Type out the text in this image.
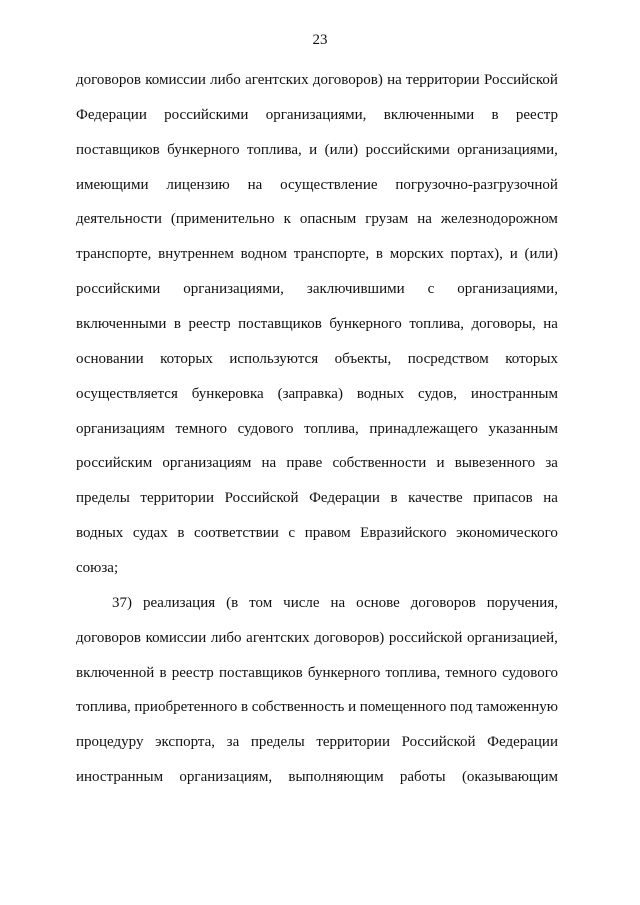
23
договоров комиссии либо агентских договоров) на территории Российской
Федерации российскими организациями, включенными в реестр
поставщиков бункерного топлива, и (или) российскими организациями,
имеющими лицензию на осуществление погрузочно-разгрузочной
деятельности (применительно к опасным грузам на железнодорожном
транспорте, внутреннем водном транспорте, в морских портах), и (или)
российскими организациями, заключившими с организациями,
включенными в реестр поставщиков бункерного топлива, договоры, на
основании которых используются объекты, посредством которых
осуществляется бункеровка (заправка) водных судов, иностранным
организациям темного судового топлива, принадлежащего указанным
российским организациям на праве собственности и вывезенного за
пределы территории Российской Федерации в качестве припасов на
водных судах в соответствии с правом Евразийского экономического
союза;
37) реализация (в том числе на основе договоров поручения,
договоров комиссии либо агентских договоров) российской организацией,
включенной в реестр поставщиков бункерного топлива, темного судового
топлива, приобретенного в собственность и помещенного под таможенную
процедуру экспорта, за пределы территории Российской Федерации
иностранным организациям, выполняющим работы (оказывающим
